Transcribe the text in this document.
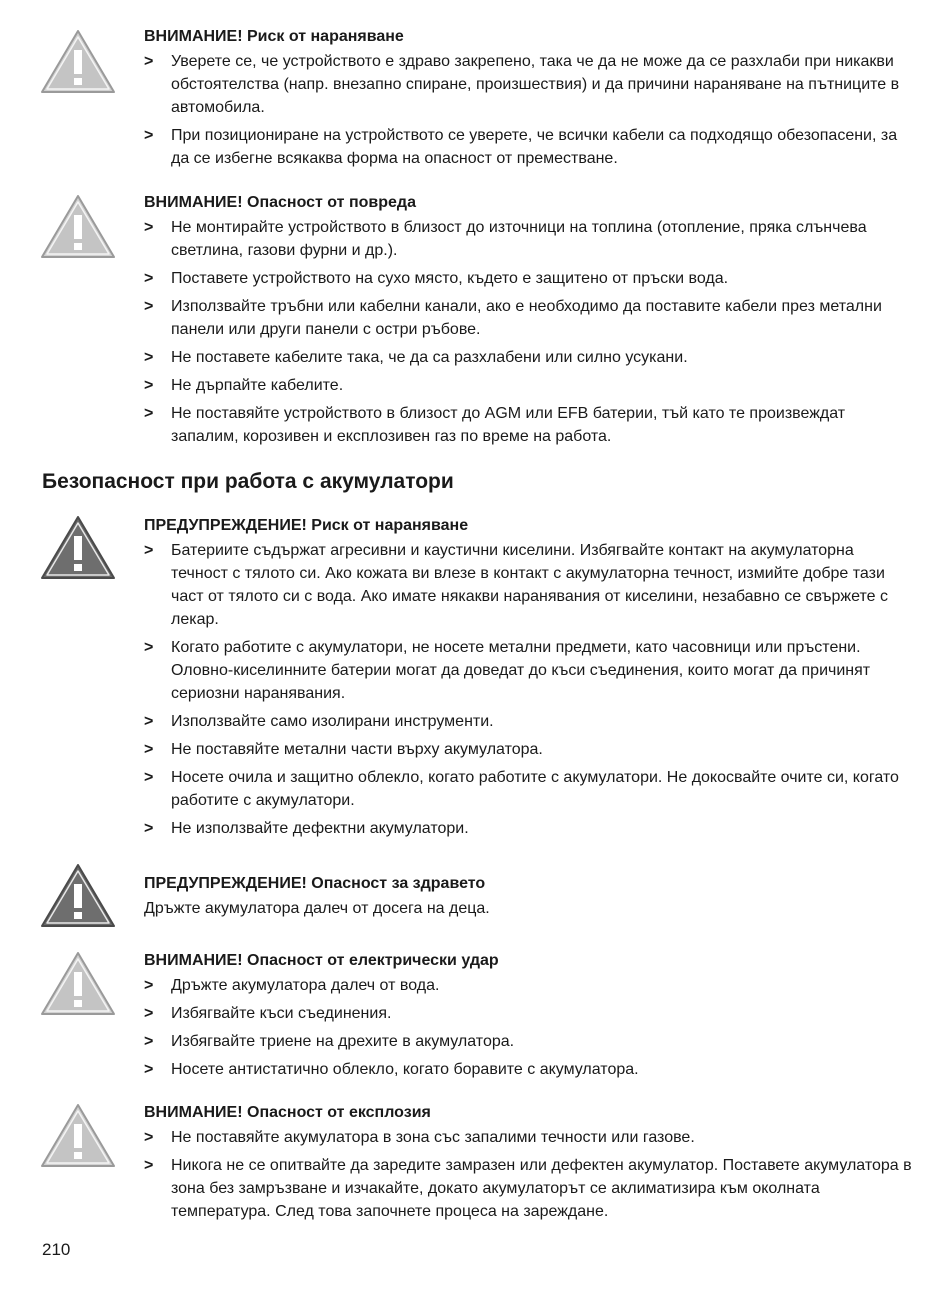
ВНИМАНИЕ! Риск от нараняване
> Уверете се, че устройството е здраво закрепено, така че да не може да се разхлаби при никакви обстоятелства (напр. внезапно спиране, произшествия) и да причини нараняване на пътниците в автомобила.
> При позициониране на устройството се уверете, че всички кабели са подходящо обезопасени, за да се избегне всякаква форма на опасност от преместване.
ВНИМАНИЕ! Опасност от повреда
> Не монтирайте устройството в близост до източници на топлина (отопление, пряка слънчева светлина, газови фурни и др.).
> Поставете устройството на сухо място, където е защитено от пръски вода.
> Използвайте тръбни или кабелни канали, ако е необходимо да поставите кабели през метални панели или други панели с остри ръбове.
> Не поставете кабелите така, че да са разхлабени или силно усукани.
> Не дърпайте кабелите.
> Не поставяйте устройството в близост до AGM или EFB батерии, тъй като те произвеждат запалим, корозивен и експлозивен газ по време на работа.
Безопасност при работа с акумулатори
ПРЕДУПРЕЖДЕНИЕ! Риск от нараняване
> Батериите съдържат агресивни и каустични киселини. Избягвайте контакт на акумулаторна течност с тялото си. Ако кожата ви влезе в контакт с акумулаторна течност, измийте добре тази част от тялото си с вода. Ако имате някакви наранявания от киселини, незабавно се свържете с лекар.
> Когато работите с акумулатори, не носете метални предмети, като часовници или пръстени. Оловно-киселинните батерии могат да доведат до къси съединения, които могат да причинят сериозни наранявания.
> Използвайте само изолирани инструменти.
> Не поставяйте метални части върху акумулатора.
> Носете очила и защитно облекло, когато работите с акумулатори. Не докосвайте очите си, когато работите с акумулатори.
> Не използвайте дефектни акумулатори.
ПРЕДУПРЕЖДЕНИЕ! Опасност за здравето
Дръжте акумулатора далеч от досега на деца.
ВНИМАНИЕ! Опасност от електрически удар
> Дръжте акумулатора далеч от вода.
> Избягвайте къси съединения.
> Избягвайте триене на дрехите в акумулатора.
> Носете антистатично облекло, когато боравите с акумулатора.
ВНИМАНИЕ! Опасност от експлозия
> Не поставяйте акумулатора в зона със запалими течности или газове.
> Никога не се опитвайте да заредите замразен или дефектен акумулатор. Поставете акумулатора в зона без замръзване и изчакайте, докато акумулаторът се аклиматизира към околната температура. След това започнете процеса на зареждане.
210
